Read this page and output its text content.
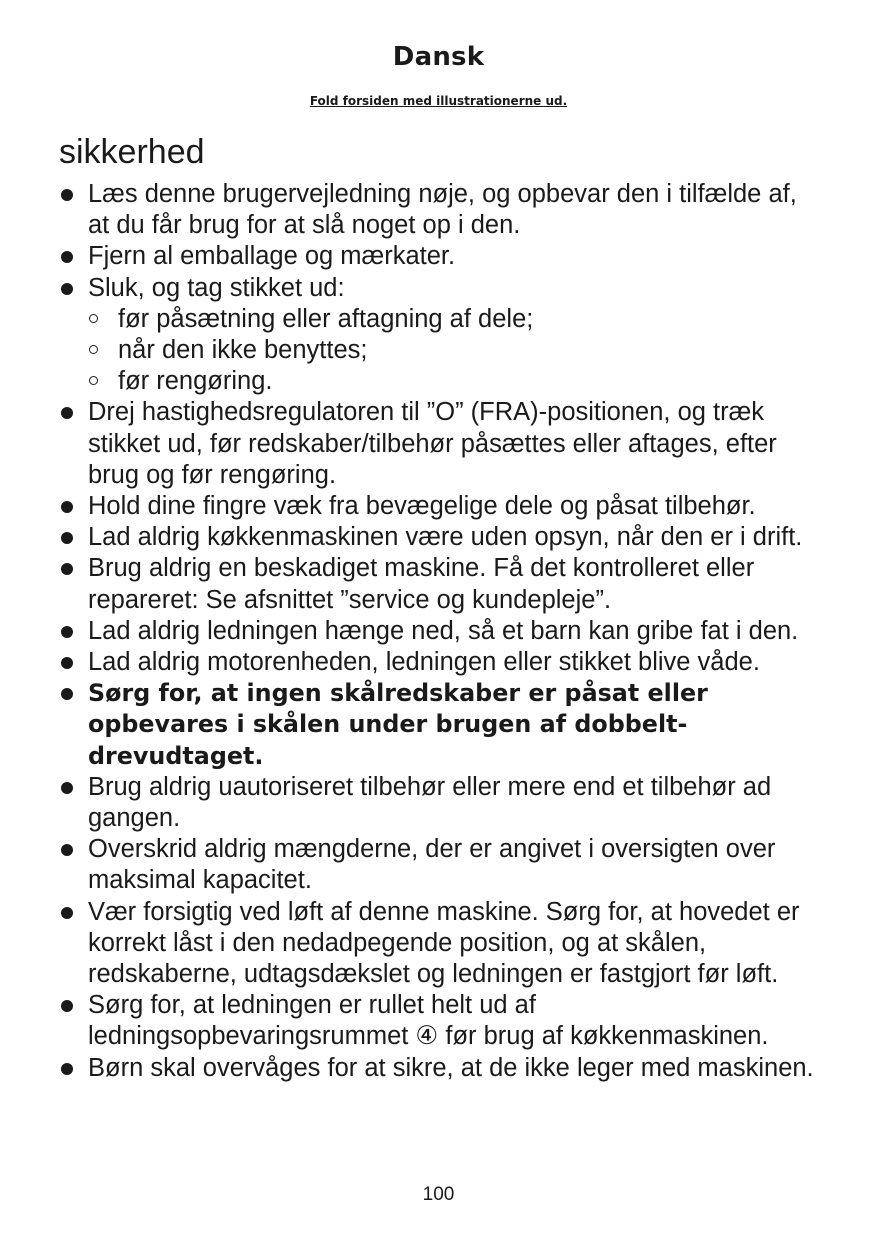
Dansk
Fold forsiden med illustrationerne ud.
sikkerhed
Læs denne brugervejledning nøje, og opbevar den i tilfælde af, at du får brug for at slå noget op i den.
Fjern al emballage og mærkater.
Sluk, og tag stikket ud:
før påsætning eller aftagning af dele;
når den ikke benyttes;
før rengøring.
Drej hastighedsregulatoren til ”O” (FRA)-positionen, og træk stikket ud, før redskaber/tilbehør påsættes eller aftages, efter brug og før rengøring.
Hold dine fingre væk fra bevægelige dele og påsat tilbehør.
Lad aldrig køkkenmaskinen være uden opsyn, når den er i drift.
Brug aldrig en beskadiget maskine. Få det kontrolleret eller repareret: Se afsnittet ”service og kundepleje”.
Lad aldrig ledningen hænge ned, så et barn kan gribe fat i den.
Lad aldrig motorenheden, ledningen eller stikket blive våde.
Sørg for, at ingen skålredskaber er påsat eller opbevares i skålen under brugen af dobbelt-drevudtaget.
Brug aldrig uautoriseret tilbehør eller mere end et tilbehør ad gangen.
Overskrid aldrig mængderne, der er angivet i oversigten over maksimal kapacitet.
Vær forsigtig ved løft af denne maskine. Sørg for, at hovedet er korrekt låst i den nedadpegende position, og at skålen, redskaberne, udtagsdækslet og ledningen er fastgjort før løft.
Sørg for, at ledningen er rullet helt ud af ledningsopbevaringsrummet ④ før brug af køkkenmaskinen.
Børn skal overvåges for at sikre, at de ikke leger med maskinen.
100
